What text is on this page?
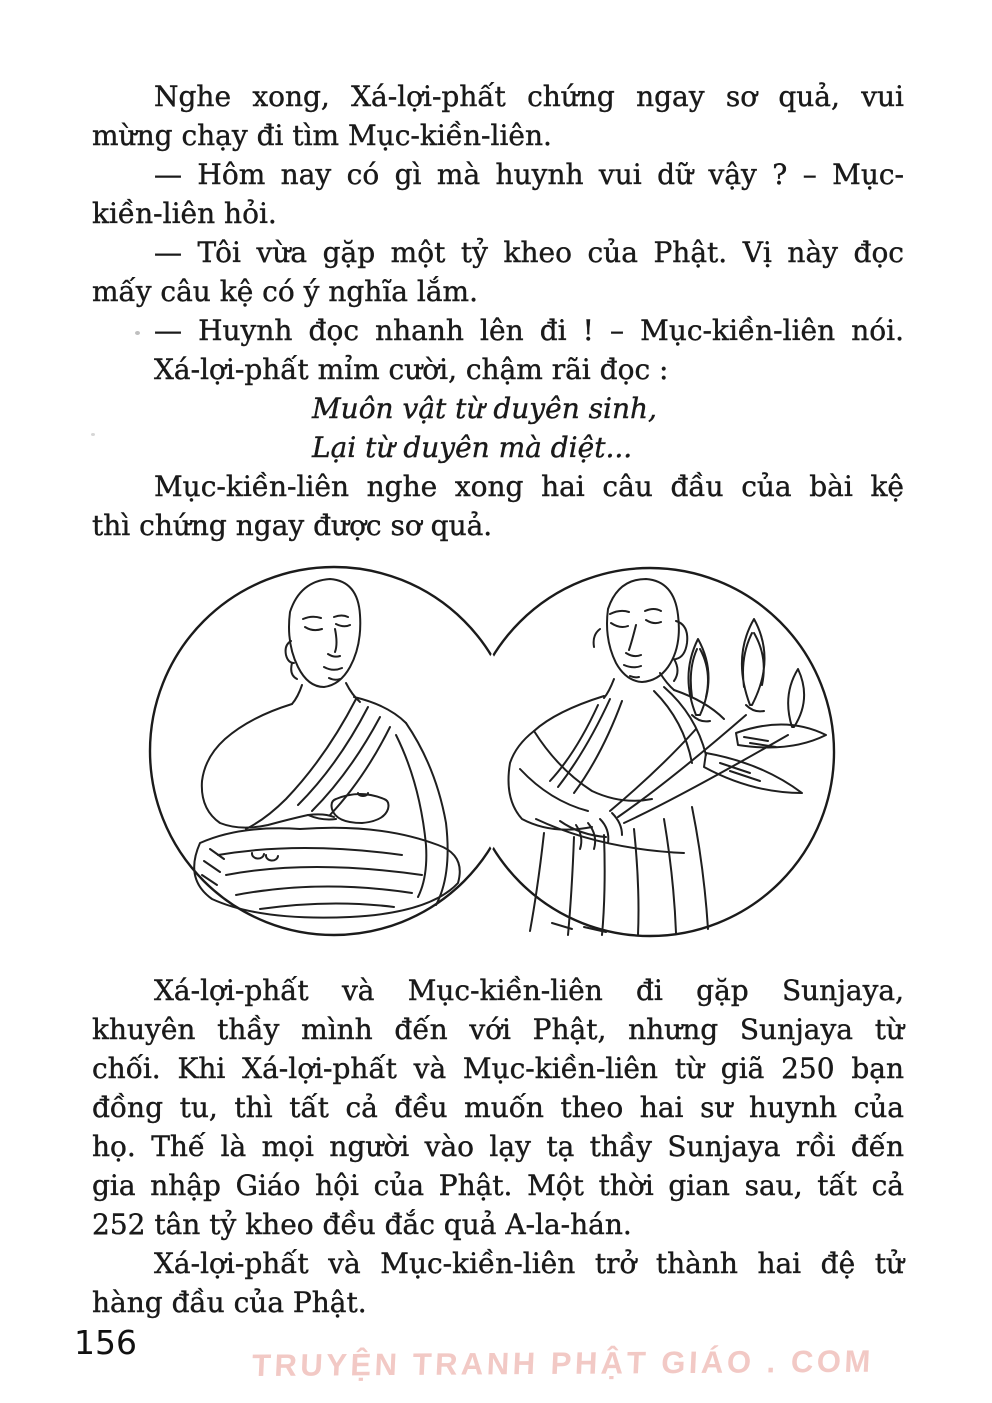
Nghe xong, Xá-lợi-phất chứng ngay sơ quả, vui

mừng chạy đi tìm Mục-kiền-liên.

— Hôm nay có gì mà huynh vui dữ vậy ? – Mục-

kiền-liên hỏi.

— Tôi vừa gặp một tỷ kheo của Phật. Vị này đọc

mấy câu kệ có ý nghĩa lắm.

— Huynh đọc nhanh lên đi ! – Mục-kiền-liên nói.

Xá-lợi-phất mỉm cười, chậm rãi đọc :

Muôn vật từ duyên sinh,

Lại từ duyên mà diệt...

Mục-kiền-liên nghe xong hai câu đầu của bài kệ

thì chứng ngay được sơ quả.

Xá-lợi-phất và Mục-kiền-liên đi gặp Sunjaya,

khuyên thầy mình đến với Phật, nhưng Sunjaya từ

chối. Khi Xá-lợi-phất và Mục-kiền-liên từ giã 250 bạn

đồng tu, thì tất cả đều muốn theo hai sư huynh của

họ. Thế là mọi người vào lạy tạ thầy Sunjaya rồi đến

gia nhập Giáo hội của Phật. Một thời gian sau, tất cả

252 tân tỷ kheo đều đắc quả A-la-hán.

Xá-lợi-phất và Mục-kiền-liên trở thành hai đệ tử

hàng đầu của Phật.

156
TRUYỆN TRANH PHẬT GIÁO . COM
